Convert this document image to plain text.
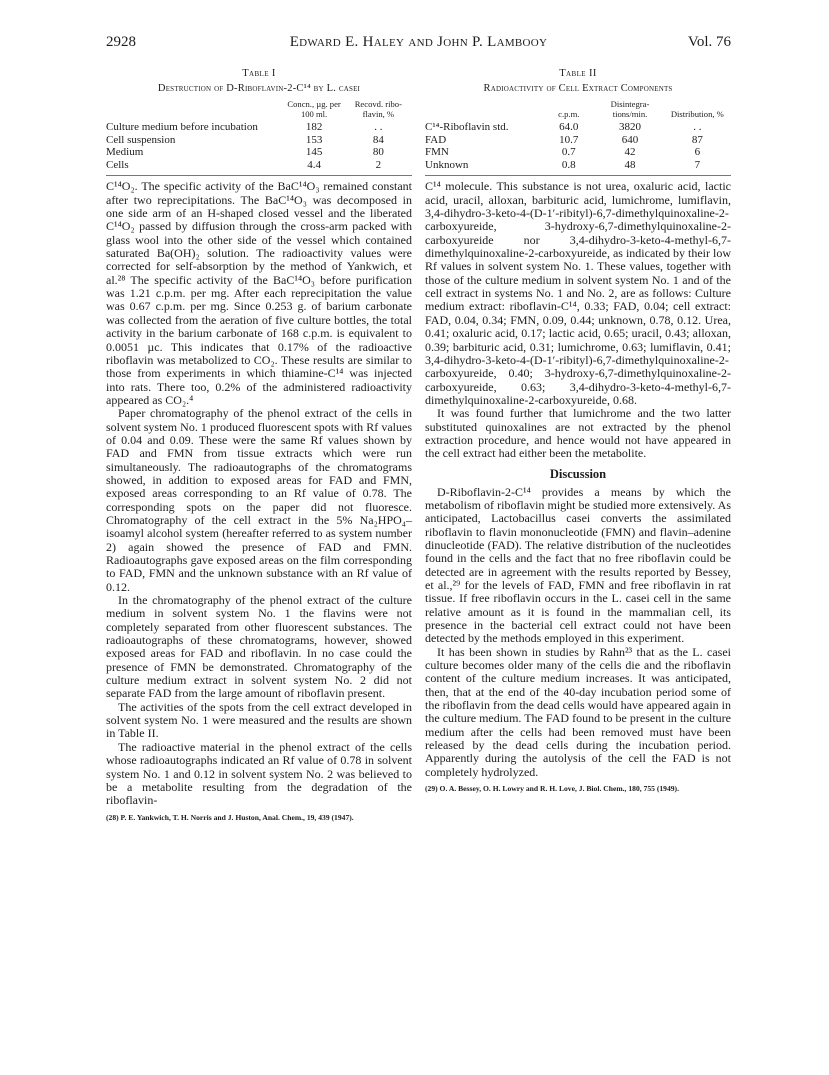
2928	Edward E. Haley and John P. Lambooy	Vol. 76
Table I
Destruction of D-Riboflavin-2-C¹⁴ by L. casei
	Concn., µg. per 100 ml.	Recovd. ribo- flavin, %
Culture medium before incubation	182	. .
Cell suspension	153	84
Medium	145	80
Cells	4.4	2

C¹⁴O₂. The specific activity of the BaC¹⁴O₃ remained constant after two reprecipitations. The BaC¹⁴O₃ was decomposed in one side arm of an H-shaped closed vessel and the liberated C¹⁴O₂ passed by diffusion through the cross-arm packed with glass wool into the other side of the vessel which contained saturated Ba(OH)₂ solution. The radioactivity values were corrected for self-absorption by the method of Yankwich, et al.²⁸ The specific activity of the BaC¹⁴O₃ before purification was 1.21 c.p.m. per mg. After each reprecipitation the value was 0.67 c.p.m. per mg. Since 0.253 g. of barium carbonate was collected from the aeration of five culture bottles, the total activity in the barium carbonate of 168 c.p.m. is equivalent to 0.0051 µc. This indicates that 0.17% of the radioactive riboflavin was metabolized to CO₂. These results are similar to those from experiments in which thiamine-C¹⁴ was injected into rats. There too, 0.2% of the administered radioactivity appeared as CO₂.⁴

Paper chromatography of the phenol extract of the cells in solvent system No. 1 produced fluorescent spots with Rf values of 0.04 and 0.09. These were the same Rf values shown by FAD and FMN from tissue extracts which were run simultaneously. The radioautographs of the chromatograms showed, in addition to exposed areas for FAD and FMN, exposed areas corresponding to an Rf value of 0.78. The corresponding spots on the paper did not fluoresce. Chromatography of the cell extract in the 5% Na₂HPO₄–isoamyl alcohol system (hereafter referred to as system number 2) again showed the presence of FAD and FMN. Radioautographs gave exposed areas on the film corresponding to FAD, FMN and the unknown substance with an Rf value of 0.12.

In the chromatography of the phenol extract of the culture medium in solvent system No. 1 the flavins were not completely separated from other fluorescent substances. The radioautographs of these chromatograms, however, showed exposed areas for FAD and riboflavin. In no case could the presence of FMN be demonstrated. Chromatography of the culture medium extract in solvent system No. 2 did not separate FAD from the large amount of riboflavin present.

The activities of the spots from the cell extract developed in solvent system No. 1 were measured and the results are shown in Table II.

The radioactive material in the phenol extract of the cells whose radioautographs indicated an Rf value of 0.78 in solvent system No. 1 and 0.12 in solvent system No. 2 was believed to be a metabolite resulting from the degradation of the riboflavin-

(28) P. E. Yankwich, T. H. Norris and J. Huston, Anal. Chem., 19, 439 (1947).
Table II
Radioactivity of Cell Extract Components
	c.p.m.	Disintegra- tions/min.	Distribution, %
C¹⁴-Riboflavin std.	64.0	3820	. .
FAD	10.7	640	87
FMN	0.7	42	6
Unknown	0.8	48	7

C¹⁴ molecule. This substance is not urea, oxaluric acid, lactic acid, uracil, alloxan, barbituric acid, lumichrome, lumiflavin, 3,4-dihydro-3-keto-4-(D-1′-ribityl)-6,7-dimethylquinoxaline-2-carboxyureide, 3-hydroxy-6,7-dimethylquinoxaline-2-carboxyureide nor 3,4-dihydro-3-keto-4-methyl-6,7-dimethylquinoxaline-2-carboxyureide, as indicated by their low Rf values in solvent system No. 1. These values, together with those of the culture medium in solvent system No. 1 and of the cell extract in systems No. 1 and No. 2, are as follows: Culture medium extract: riboflavin-C¹⁴, 0.33; FAD, 0.04; cell extract: FAD, 0.04, 0.34; FMN, 0.09, 0.44; unknown, 0.78, 0.12. Urea, 0.41; oxaluric acid, 0.17; lactic acid, 0.65; uracil, 0.43; alloxan, 0.39; barbituric acid, 0.31; lumichrome, 0.63; lumiflavin, 0.41; 3,4-dihydro-3-keto-4-(D-1′-ribityl)-6,7-dimethylquinoxaline-2-carboxyureide, 0.40; 3-hydroxy-6,7-dimethylquinoxaline-2-carboxyureide, 0.63; 3,4-dihydro-3-keto-4-methyl-6,7-dimethylquinoxaline-2-carboxyureide, 0.68.

It was found further that lumichrome and the two latter substituted quinoxalines are not extracted by the phenol extraction procedure, and hence would not have appeared in the cell extract had either been the metabolite.

Discussion

D-Riboflavin-2-C¹⁴ provides a means by which the metabolism of riboflavin might be studied more extensively. As anticipated, Lactobacillus casei converts the assimilated riboflavin to flavin mononucleotide (FMN) and flavin–adenine dinucleotide (FAD). The relative distribution of the nucleotides found in the cells and the fact that no free riboflavin could be detected are in agreement with the results reported by Bessey, et al.,²⁹ for the levels of FAD, FMN and free riboflavin in rat tissue. If free riboflavin occurs in the L. casei cell in the same relative amount as it is found in the mammalian cell, its presence in the bacterial cell extract could not have been detected by the methods employed in this experiment.

It has been shown in studies by Rahn²³ that as the L. casei culture becomes older many of the cells die and the riboflavin content of the culture medium increases. It was anticipated, then, that at the end of the 40-day incubation period some of the riboflavin from the dead cells would have appeared again in the culture medium. The FAD found to be present in the culture medium after the cells had been removed must have been released by the dead cells during the incubation period. Apparently during the autolysis of the cell the FAD is not completely hydrolyzed.

(29) O. A. Bessey, O. H. Lowry and R. H. Love, J. Biol. Chem., 180, 755 (1949).
